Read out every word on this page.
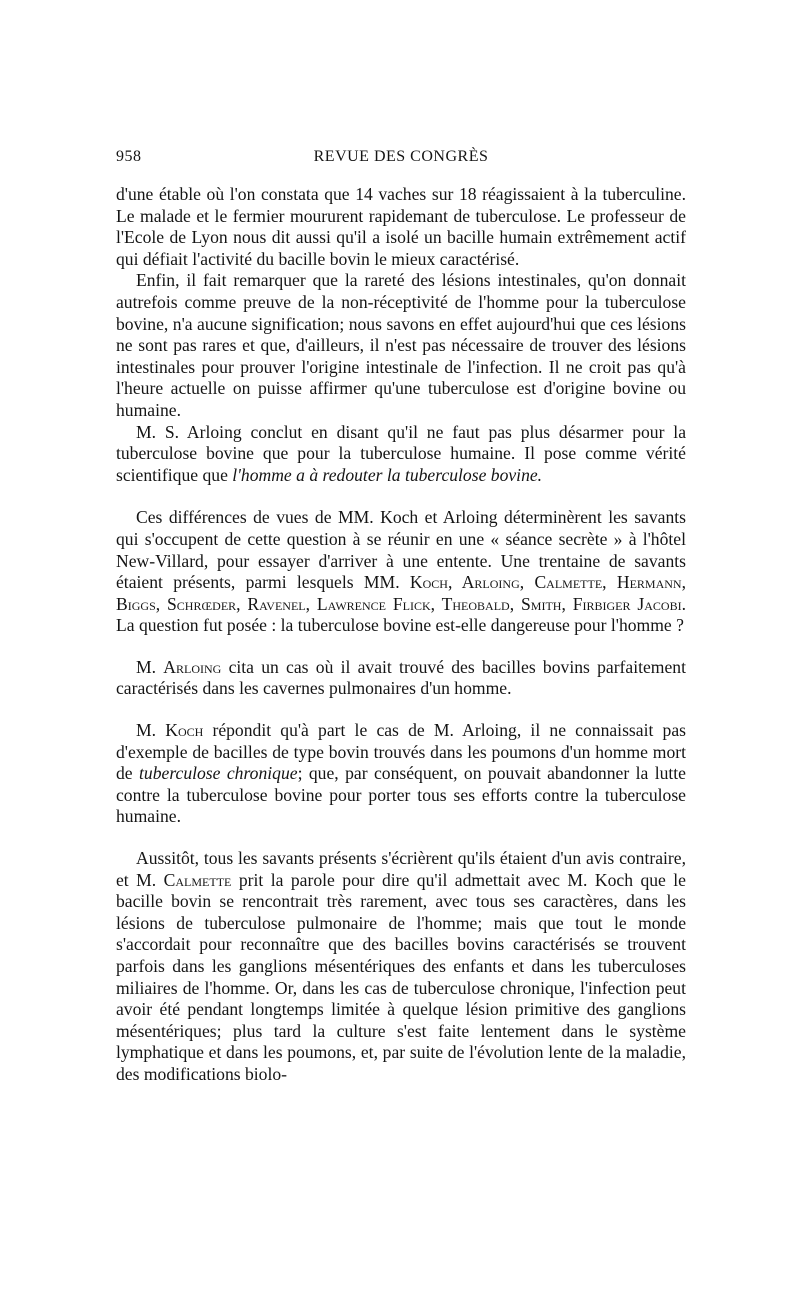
958	REVUE DES CONGRÈS

d'une étable où l'on constata que 14 vaches sur 18 réagissaient à la tuberculine. Le malade et le fermier moururent rapidemant de tuberculose. Le professeur de l'Ecole de Lyon nous dit aussi qu'il a isolé un bacille humain extrêmement actif qui défiait l'activité du bacille bovin le mieux caractérisé.

Enfin, il fait remarquer que la rareté des lésions intestinales, qu'on donnait autrefois comme preuve de la non-réceptivité de l'homme pour la tuberculose bovine, n'a aucune signification; nous savons en effet aujourd'hui que ces lésions ne sont pas rares et que, d'ailleurs, il n'est pas nécessaire de trouver des lésions intestinales pour prouver l'origine intestinale de l'infection. Il ne croit pas qu'à l'heure actuelle on puisse affirmer qu'une tuberculose est d'origine bovine ou humaine.

M. S. Arloing conclut en disant qu'il ne faut pas plus désarmer pour la tuberculose bovine que pour la tuberculose humaine. Il pose comme vérité scientifique que l'homme a à redouter la tuberculose bovine.

Ces différences de vues de MM. Koch et Arloing déterminèrent les savants qui s'occupent de cette question à se réunir en une « séance secrète » à l'hôtel New-Villard, pour essayer d'arriver à une entente. Une trentaine de savants étaient présents, parmi lesquels MM. Koch, Arloing, Calmette, Hermann, Biggs, Schrœder, Ravenel, Lawrence Flick, Theobald, Smith, Firbiger Jacobi. La question fut posée : la tuberculose bovine est-elle dangereuse pour l'homme ?

M. Arloing cita un cas où il avait trouvé des bacilles bovins parfaitement caractérisés dans les cavernes pulmonaires d'un homme.

M. Koch répondit qu'à part le cas de M. Arloing, il ne connaissait pas d'exemple de bacilles de type bovin trouvés dans les poumons d'un homme mort de tuberculose chronique; que, par conséquent, on pouvait abandonner la lutte contre la tuberculose bovine pour porter tous ses efforts contre la tuberculose humaine.

Aussitôt, tous les savants présents s'écrièrent qu'ils étaient d'un avis contraire, et M. Calmette prit la parole pour dire qu'il admettait avec M. Koch que le bacille bovin se rencontrait très rarement, avec tous ses caractères, dans les lésions de tuberculose pulmonaire de l'homme; mais que tout le monde s'accordait pour reconnaître que des bacilles bovins caractérisés se trouvent parfois dans les ganglions mésentériques des enfants et dans les tuberculoses miliaires de l'homme. Or, dans les cas de tuberculose chronique, l'infection peut avoir été pendant longtemps limitée à quelque lésion primitive des ganglions mésentériques; plus tard la culture s'est faite lentement dans le système lymphatique et dans les poumons, et, par suite de l'évolution lente de la maladie, des modifications biolo-
